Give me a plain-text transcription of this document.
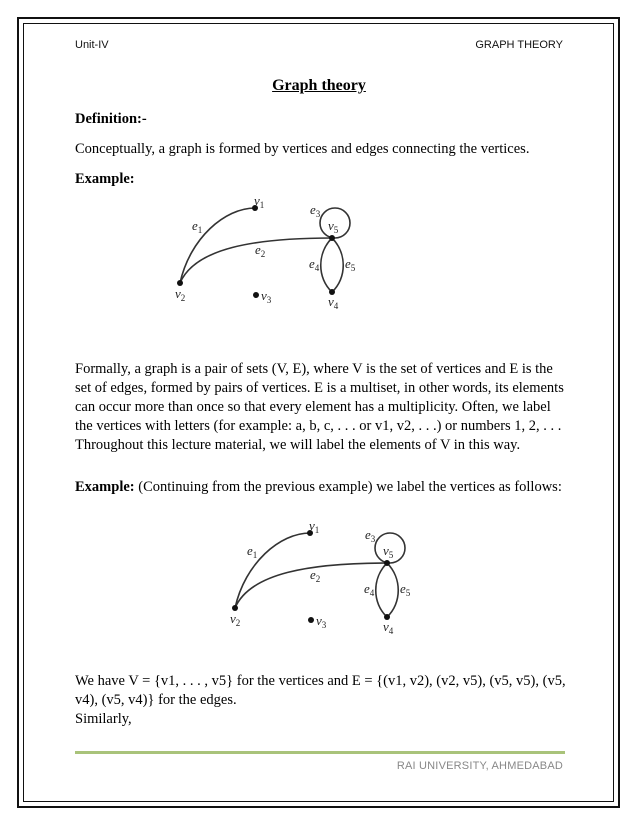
Unit-IV	GRAPH THEORY
Graph theory

Definition:-

Conceptually, a graph is formed by vertices and edges connecting the vertices.

Example:

$v_1$
$v_2$	$v_3$	$v_4$
$v_5$
$e_1$
$e_2$
$e_3$
$e_4$ $e_5$

Formally, a graph is a pair of sets (V, E), where V is the set of vertices and E is the set of edges, formed by pairs of vertices. E is a multiset, in other words, its elements can occur more than once so that every element has a multiplicity. Often, we label the vertices with letters (for example: a, b, c, . . . or v1, v2, . . .) or numbers 1, 2, . . . Throughout this lecture material, we will label the elements of V in this way.

Example: (Continuing from the previous example) we label the vertices as follows:

$v_1$
$v_2$	$v_3$	$v_4$
$v_5$
$e_1$
$e_2$
$e_3$
$e_4$ $e_5$

We have V = {v1, . . . , v5} for the vertices and E = {(v1, v2), (v2, v5), (v5, v5), (v5, v4), (v5, v4)} for the edges.

Similarly,

RAI UNIVERSITY, AHMEDABAD
